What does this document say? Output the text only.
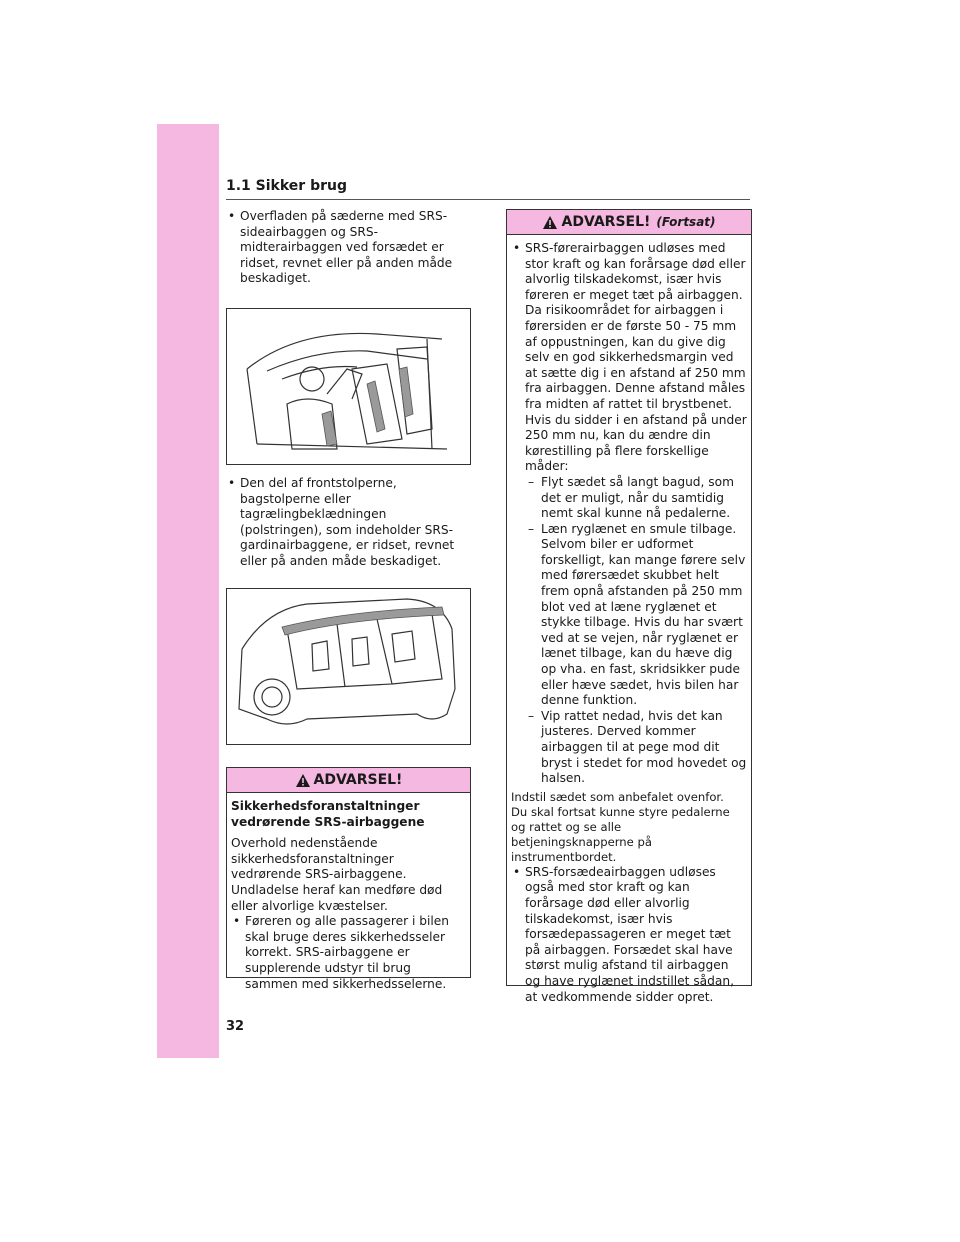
1.1 Sikker brug
• Overfladen på sæderne med SRS-sideairbaggen og SRS-midterairbaggen ved forsædet er ridset, revnet eller på anden måde beskadiget.
• Den del af frontstolperne, bagstolperne eller tagrælingbeklædningen (polstringen), som indeholder SRS-gardinairbaggene, er ridset, revnet eller på anden måde beskadiget.
ADVARSEL!

Sikkerhedsforanstaltninger vedrørende SRS-airbaggene

Overhold nedenstående sikkerhedsforanstaltninger vedrørende SRS-airbaggene. Undladelse heraf kan medføre død eller alvorlige kvæstelser.

• Føreren og alle passagerer i bilen skal bruge deres sikkerhedsseler korrekt. SRS-airbaggene er supplerende udstyr til brug sammen med sikkerhedsselerne.
ADVARSEL! (Fortsat)
• SRS-førerairbaggen udløses med stor kraft og kan forårsage død eller alvorlig tilskadekomst, især hvis føreren er meget tæt på airbaggen. Da risikoområdet for airbaggen i førersiden er de første 50 - 75 mm af oppustningen, kan du give dig selv en god sikkerhedsmargin ved at sætte dig i en afstand af 250 mm fra airbaggen. Denne afstand måles fra midten af rattet til brystbenet. Hvis du sidder i en afstand på under 250 mm nu, kan du ændre din kørestilling på flere forskellige måder:
– Flyt sædet så langt bagud, som det er muligt, når du samtidig nemt skal kunne nå pedalerne.
– Læn ryglænet en smule tilbage. Selvom biler er udformet forskelligt, kan mange førere selv med førersædet skubbet helt frem opnå afstanden på 250 mm blot ved at læne ryglænet et stykke tilbage. Hvis du har svært ved at se vejen, når ryglænet er lænet tilbage, kan du hæve dig op vha. en fast, skridsikker pude eller hæve sædet, hvis bilen har denne funktion.
– Vip rattet nedad, hvis det kan justeres. Derved kommer airbaggen til at pege mod dit bryst i stedet for mod hovedet og halsen.

Indstil sædet som anbefalet ovenfor.

Du skal fortsat kunne styre pedalerne og rattet og se alle betjeningsknapperne på instrumentbordet.

• SRS-forsædeairbaggen udløses også med stor kraft og kan forårsage død eller alvorlig tilskadekomst, især hvis forsædepassageren er meget tæt på airbaggen. Forsædet skal have størst mulig afstand til airbaggen og have ryglænet indstillet sådan, at vedkommende sidder opret.
32
